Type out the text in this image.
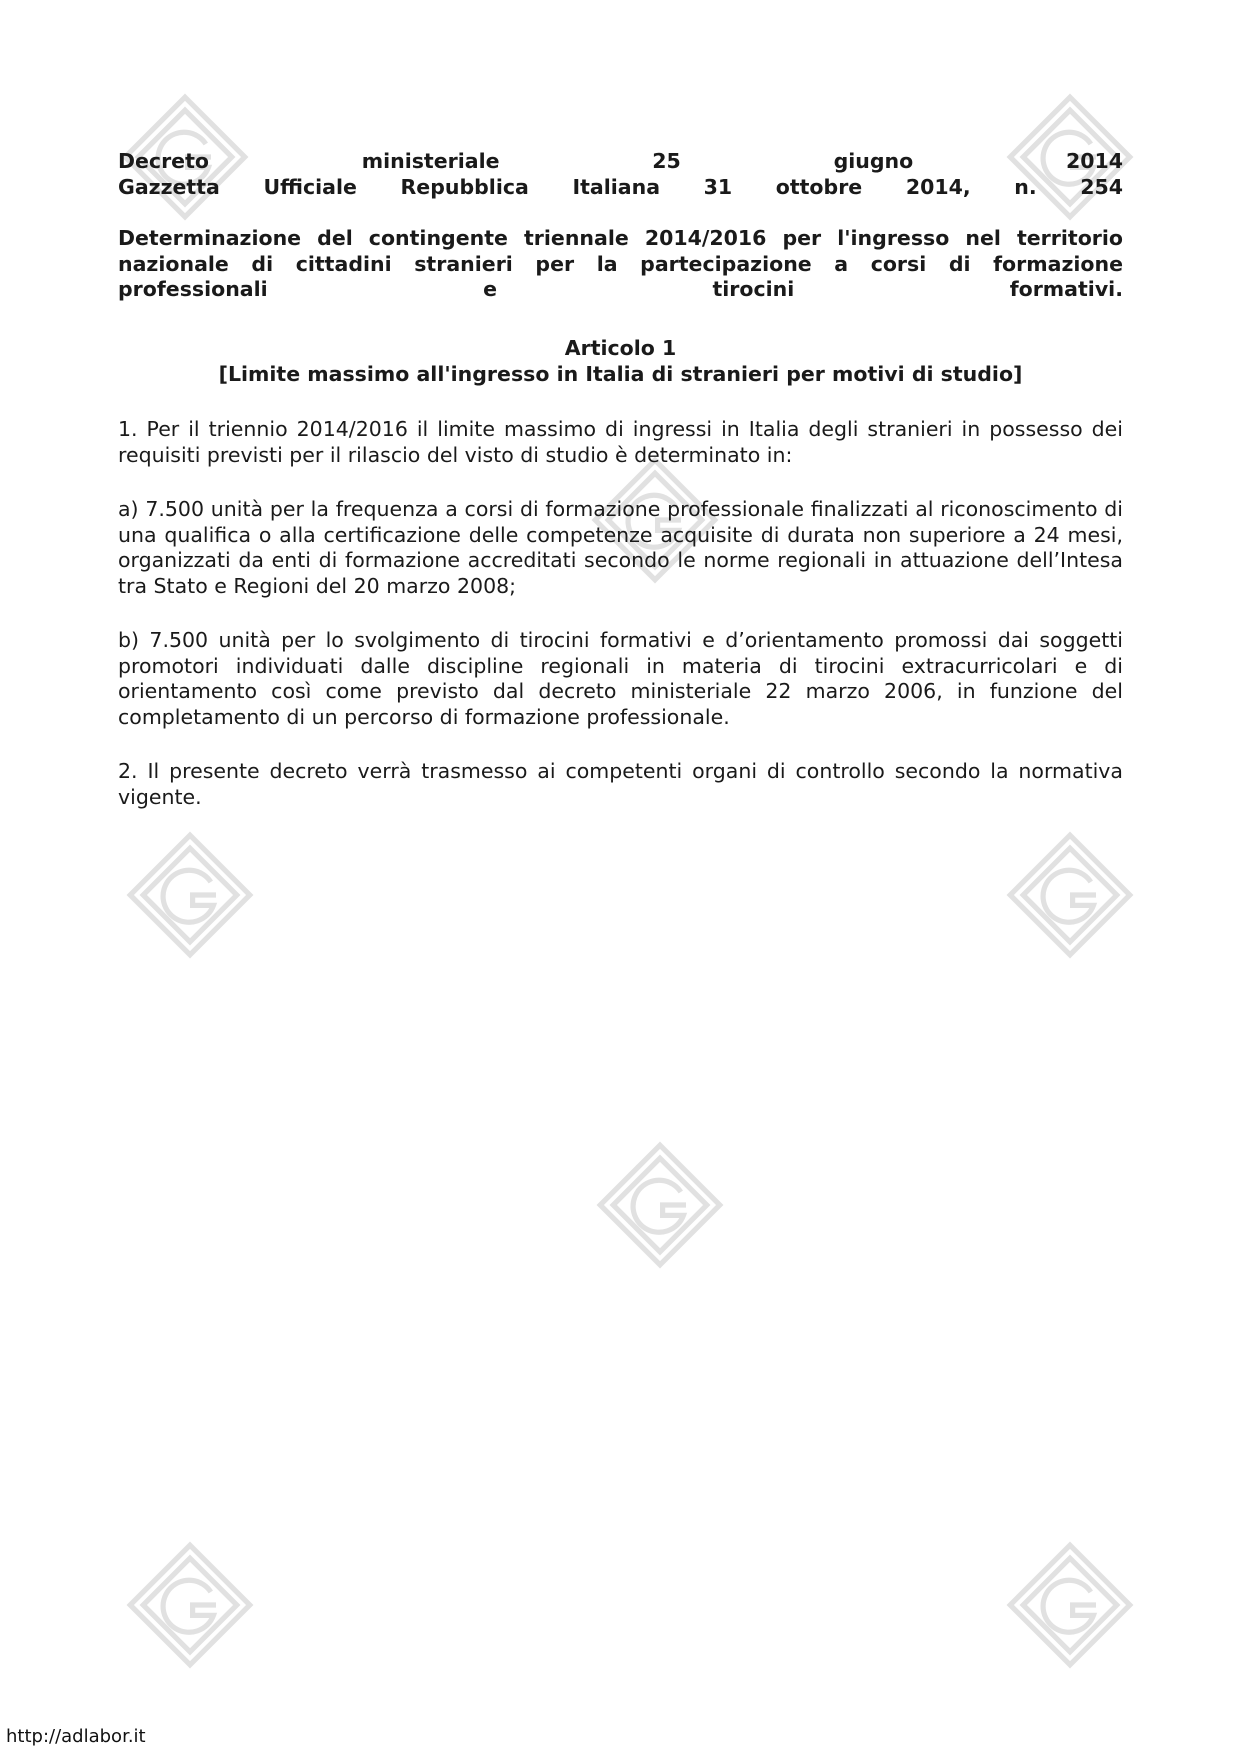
Decreto	ministeriale	25	giugno	2014
Gazzetta Ufficiale Repubblica Italiana 31 ottobre 2014, n. 254
Determinazione del contingente triennale 2014/2016 per l'ingresso nel territorio
nazionale di cittadini stranieri per la partecipazione a corsi di formazione
professionali	e	tirocini	formativi.
Articolo 1
[Limite massimo all'ingresso in Italia di stranieri per motivi di studio]

1. Per il triennio 2014/2016 il limite massimo di ingressi in Italia degli stranieri in possesso dei requisiti previsti per il rilascio del visto di studio è determinato in:

a) 7.500 unità per la frequenza a corsi di formazione professionale finalizzati al riconoscimento di una qualifica o alla certificazione delle competenze acquisite di durata non superiore a 24 mesi, organizzati da enti di formazione accreditati secondo le norme regionali in attuazione dell’Intesa tra Stato e Regioni del 20 marzo 2008;

b) 7.500 unità per lo svolgimento di tirocini formativi e d’orientamento promossi dai soggetti promotori individuati dalle discipline regionali in materia di tirocini extracurricolari e di orientamento così come previsto dal decreto ministeriale 22 marzo 2006, in funzione del completamento di un percorso di formazione professionale.

2. Il presente decreto verrà trasmesso ai competenti organi di controllo secondo la normativa vigente.

http://adlabor.it
